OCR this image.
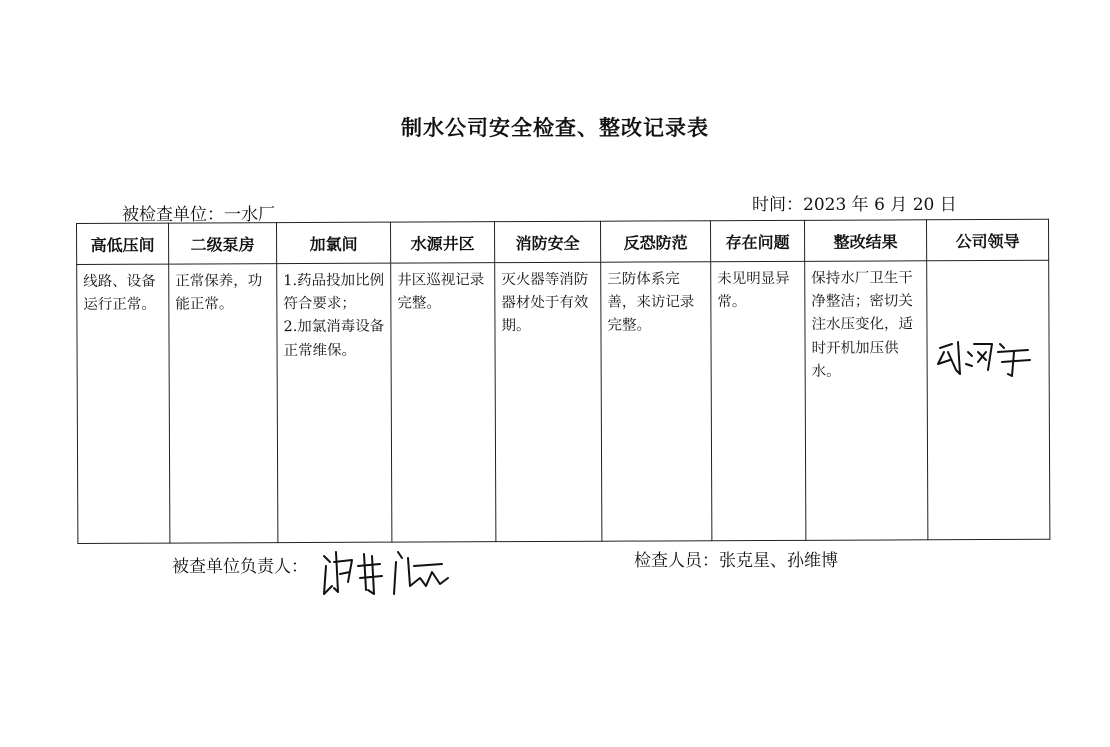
制水公司安全检查、整改记录表
被检查单位：一水厂	时间：2023 年 6 月 20 日
高低压间	二级泵房	加氯间	水源井区	消防安全	反恐防范	存在问题	整改结果	公司领导

线路、设备运行正常。	正常保养，功能正常。	1.药品投加比例符合要求；
2.加氯消毒设备正常维保。	井区巡视记录完整。	灭火器等消防器材处于有效期。	三防体系完善，来访记录完整。	未见明显异常。	保持水厂卫生干净整洁；密切关注水压变化，适时开机加压供水。	

被查单位负责人：	检查人员：张克星、孙维博
